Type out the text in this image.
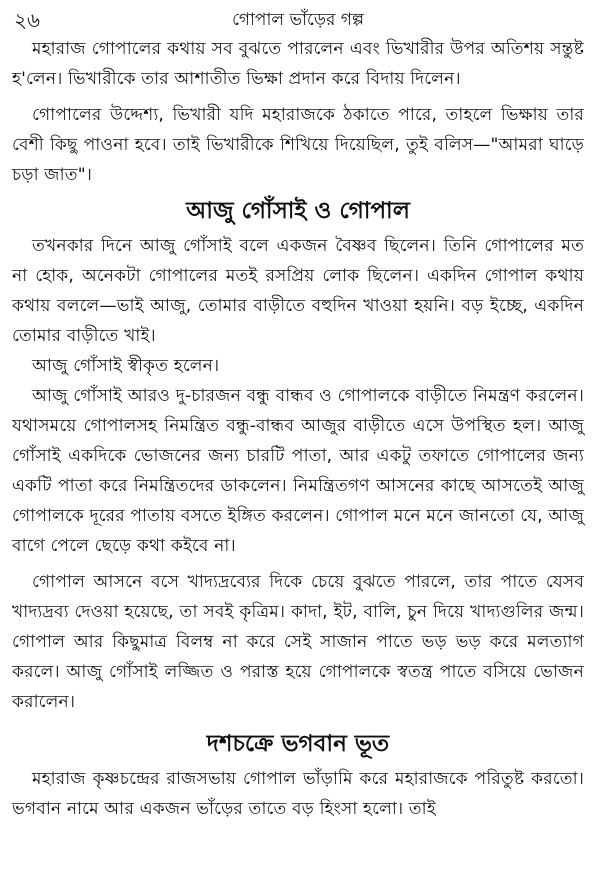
২৬	গোপাল ভাঁড়ের গল্প

মহারাজ গোপালের কথায় সব বুঝতে পারলেন এবং ভিখারীর উপর অতিশয় সন্তুষ্ট হ'লেন। ভিখারীকে তার আশাতীত ভিক্ষা প্রদান করে বিদায় দিলেন।

গোপালের উদ্দেশ্য, ভিখারী যদি মহারাজকে ঠকাতে পারে, তাহলে ভিক্ষায় তার বেশী কিছু পাওনা হবে। তাই ভিখারীকে শিখিয়ে দিয়েছিল, তুই বলিস—"আমরা ঘাড়ে চড়া জাত"।

আজু গোঁসাই ও গোপাল

তখনকার দিনে আজু গোঁসাই বলে একজন বৈষ্ণব ছিলেন। তিনি গোপালের মত না হোক, অনেকটা গোপালের মতই রসপ্রিয় লোক ছিলেন। একদিন গোপাল কথায় কথায় বললে—ভাই আজু, তোমার বাড়ীতে বহুদিন খাওয়া হয়নি। বড় ইচ্ছে, একদিন তোমার বাড়ীতে খাই।

আজু গোঁসাই স্বীকৃত হলেন।

আজু গোঁসাই আরও দু-চারজন বন্ধু বান্ধব ও গোপালকে বাড়ীতে নিমন্ত্রণ করলেন। যথাসময়ে গোপালসহ নিমন্ত্রিত বন্ধু-বান্ধব আজুর বাড়ীতে এসে উপস্থিত হল। আজু গোঁসাই একদিকে ভোজনের জন্য চারটি পাতা, আর একটু তফাতে গোপালের জন্য একটি পাতা করে নিমন্ত্রিতদের ডাকলেন। নিমন্ত্রিতগণ আসনের কাছে আসতেই আজু গোপালকে দূরের পাতায় বসতে ইঙ্গিত করলেন। গোপাল মনে মনে জানতো যে, আজু বাগে পেলে ছেড়ে কথা কইবে না।

গোপাল আসনে বসে খাদ্যদ্রব্যের দিকে চেয়ে বুঝতে পারলে, তার পাতে যেসব খাদ্যদ্রব্য দেওয়া হয়েছে, তা সবই কৃত্রিম। কাদা, ইট, বালি, চুন দিয়ে খাদ্যগুলির জন্ম। গোপাল আর কিছুমাত্র বিলম্ব না করে সেই সাজান পাতে ভড় ভড় করে মলত্যাগ করলে। আজু গোঁসাই লজ্জিত ও পরাস্ত হয়ে গোপালকে স্বতন্ত্র পাতে বসিয়ে ভোজন করালেন।

দশচক্রে ভগবান ভূত

মহারাজ কৃষ্ণচন্দ্রের রাজসভায় গোপাল ভাঁড়ামি করে মহারাজকে পরিতুষ্ট করতো। ভগবান নামে আর একজন ভাঁড়ের তাতে বড় হিংসা হলো। তাই
